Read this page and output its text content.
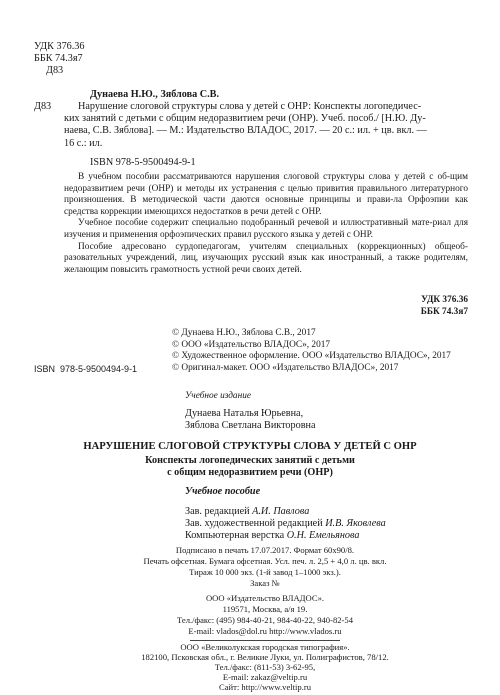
УДК 376.36
ББК 74.3я7
Д83
Дунаева Н.Ю., Зяблова С.В.
Д83	Нарушение слоговой структуры слова у детей с ОНР: Конспекты логопедичес-
ких занятий с детьми с общим недоразвитием речи (ОНР). Учеб. пособ./ [Н.Ю. Ду-
наева, С.В. Зяблова]. — М.: Издательство ВЛАДОС, 2017. — 20 с.: ил. + цв. вкл. —
16 с.: ил.
ISBN 978-5-9500494-9-1
В учебном пособии рассматриваются нарушения слоговой структуры слова у детей с об-щим недоразвитием речи (ОНР) и методы их устранения с целью привития правильного литературного произношения. В методической части даются основные принципы и прави-ла Орфоэпии как средства коррекции имеющихся недостатков в речи детей с ОНР.
Учебное пособие содержит специально подобранный речевой и иллюстративный мате-риал для изучения и применения орфоэпических правил русского языка у детей с ОНР.
Пособие адресовано сурдопедагогам, учителям специальных (коррекционных) общеоб-разовательных учреждений, лиц, изучающих русский язык как иностранный, а также родителям, желающим повысить грамотность устной речи своих детей.
УДК 376.36
ББК 74.3я7
© Дунаева Н.Ю., Зяблова С.В., 2017
© ООО «Издательство ВЛАДОС», 2017
© Художественное оформление. ООО «Издательство ВЛАДОС», 2017
© Оригинал-макет. ООО «Издательство ВЛАДОС», 2017
ISBN  978-5-9500494-9-1
Учебное издание
Дунаева Наталья Юрьевна,
Зяблова Светлана Викторовна
НАРУШЕНИЕ СЛОГОВОЙ СТРУКТУРЫ СЛОВА У ДЕТЕЙ С ОНР
Конспекты логопедических занятий с детьми
с общим недоразвитием речи (ОНР)
Учебное пособие
Зав. редакцией А.И. Павлова
Зав. художественной редакцией И.В. Яковлева
Компьютерная верстка О.Н. Емельянова
Подписано в печать 17.07.2017. Формат 60х90/8.
Печать офсетная. Бумага офсетная. Усл. печ. л. 2,5 + 4,0 л. цв. вкл.
Тираж 10 000 экз. (1-й завод 1–1000 экз.).
Заказ №
ООО «Издательство ВЛАДОС».
119571, Москва, а/я 19.
Тел./факс: (495) 984-40-21, 984-40-22, 940-82-54
E-mail: vlados@dol.ru http://www.vlados.ru
ООО «Великолукская городская типография».
182100, Псковская обл., г. Великие Луки, ул. Полиграфистов, 78/12.
Тел./факс: (811-53) 3-62-95,
E-mail: zakaz@veltip.ru
Сайт: http://www.veltip.ru
